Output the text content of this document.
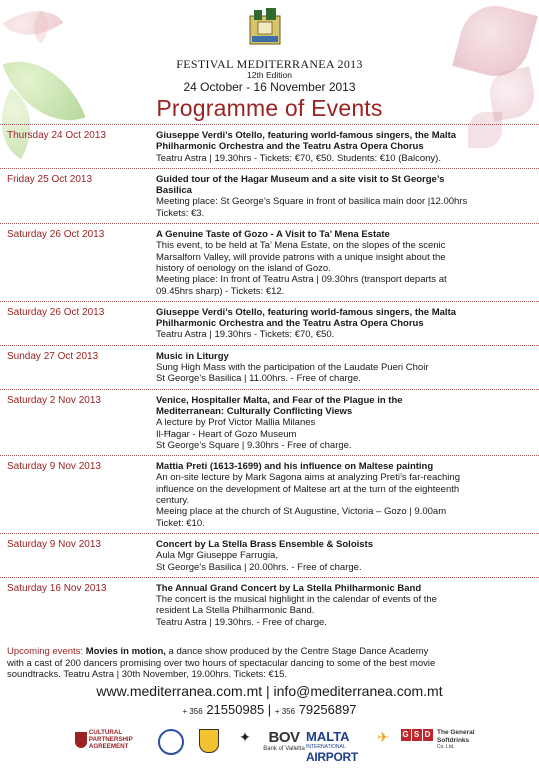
FESTIVAL MEDITERRANEA 2013
12th Edition
24 October - 16 November 2013
Programme of Events
Thursday 24 Oct 2013	Giuseppe Verdi’s Otello, featuring world-famous singers, the Malta
Philharmonic Orchestra and the Teatru Astra Opera Chorus
Teatru Astra | 19.30hrs - Tickets: €70, €50. Students: €10 (Balcony).
Friday 25 Oct 2013	Guided tour of the Hagar Museum and a site visit to St George’s
Basilica
Meeting place: St George’s Square in front of basilica main door |12.00hrs
Tickets: €3.
Saturday 26 Oct 2013	A Genuine Taste of Gozo - A Visit to Ta’ Mena Estate
This event, to be held at Ta’ Mena Estate, on the slopes of the scenic
Marsalforn Valley, will provide patrons with a unique insight about the
history of oenology on the island of Gozo.
Meeting place: In front of Teatru Astra | 09.30hrs (transport departs at
09.45hrs sharp) - Tickets: €12.
Saturday 26 Oct 2013	Giuseppe Verdi’s Otello, featuring world-famous singers, the Malta
Philharmonic Orchestra and the Teatru Astra Opera Chorus
Teatru Astra | 19.30hrs - Tickets: €70, €50.
Sunday 27 Oct 2013	Music in Liturgy
Sung High Mass with the participation of the Laudate Pueri Choir
St George’s Basilica | 11.00hrs. - Free of charge.
Saturday 2 Nov 2013	Venice, Hospitaller Malta, and Fear of the Plague in the
Mediterranean: Culturally Conflicting Views
A lecture by Prof Victor Mallia Milanes
Il-Ħagar - Heart of Gozo Museum
St George’s Square | 9.30hrs - Free of charge.
Saturday 9 Nov 2013	Mattia Preti (1613-1699) and his influence on Maltese painting
An on-site lecture by Mark Sagona aims at analyzing Preti’s far-reaching
influence on the development of Maltese art at the turn of the eighteenth
century.
Meeing place at the church of St Augustine, Victoria – Gozo | 9.00am
Ticket: €10.
Saturday 9 Nov 2013	Concert by La Stella Brass Ensemble & Soloists
Aula Mgr Giuseppe Farrugia,
St George’s Basilica | 20.00hrs. - Free of charge.
Saturday 16 Nov 2013	The Annual Grand Concert by La Stella Philharmonic Band
The concert is the musical highlight in the calendar of events of the
resident La Stella Philharmonic Band.
Teatru Astra | 19.30hrs. - Free of charge.
Upcoming events: Movies in motion, a dance show produced by the Centre Stage Dance Academy
with a cast of 200 dancers promising over two hours of spectacular dancing to some of the best movie
soundtracks. Teatru Astra | 30th November, 19.00hrs. Tickets: €15.
www.mediterranea.com.mt | info@mediterranea.com.mt
+ 356 21550985 | + 356 79256897

CULTURAL
PARTNERSHIP
AGREEMENT
✦	BOV
Bank of Valletta
MALTA
INTERNATIONAL
AIRPORT
✈	G S D	The General
Softdrinks
Co. Ltd.
